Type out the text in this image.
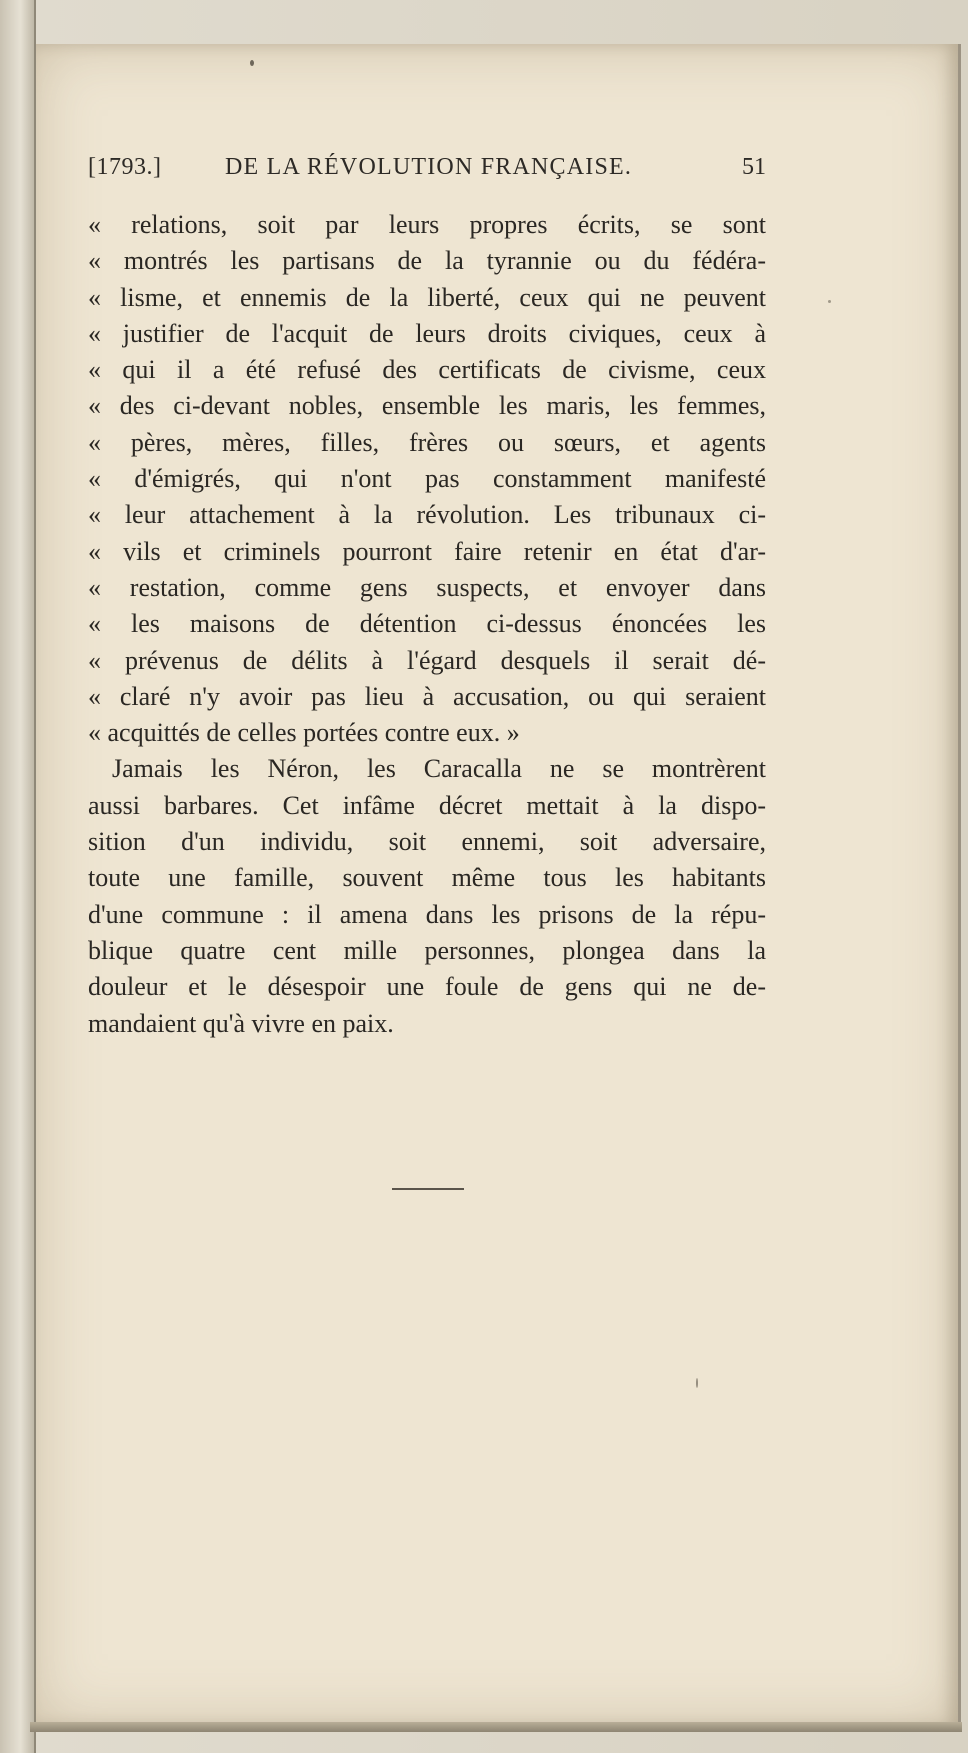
[1793.]	DE LA RÉVOLUTION FRANÇAISE.	51
« relations, soit par leurs propres écrits, se sont
« montrés les partisans de la tyrannie ou du fédéra-
« lisme, et ennemis de la liberté, ceux qui ne peuvent
« justifier de l'acquit de leurs droits civiques, ceux à
« qui il a été refusé des certificats de civisme, ceux
« des ci-devant nobles, ensemble les maris, les femmes,
« pères, mères, filles, frères ou sœurs, et agents
« d'émigrés, qui n'ont pas constamment manifesté
« leur attachement à la révolution. Les tribunaux ci-
« vils et criminels pourront faire retenir en état d'ar-
« restation, comme gens suspects, et envoyer dans
« les maisons de détention ci-dessus énoncées les
« prévenus de délits à l'égard desquels il serait dé-
« claré n'y avoir pas lieu à accusation, ou qui seraient
« acquittés de celles portées contre eux. »
Jamais les Néron, les Caracalla ne se montrèrent
aussi barbares. Cet infâme décret mettait à la dispo-
sition d'un individu, soit ennemi, soit adversaire,
toute une famille, souvent même tous les habitants
d'une commune : il amena dans les prisons de la répu-
blique quatre cent mille personnes, plongea dans la
douleur et le désespoir une foule de gens qui ne de-
mandaient qu'à vivre en paix.
